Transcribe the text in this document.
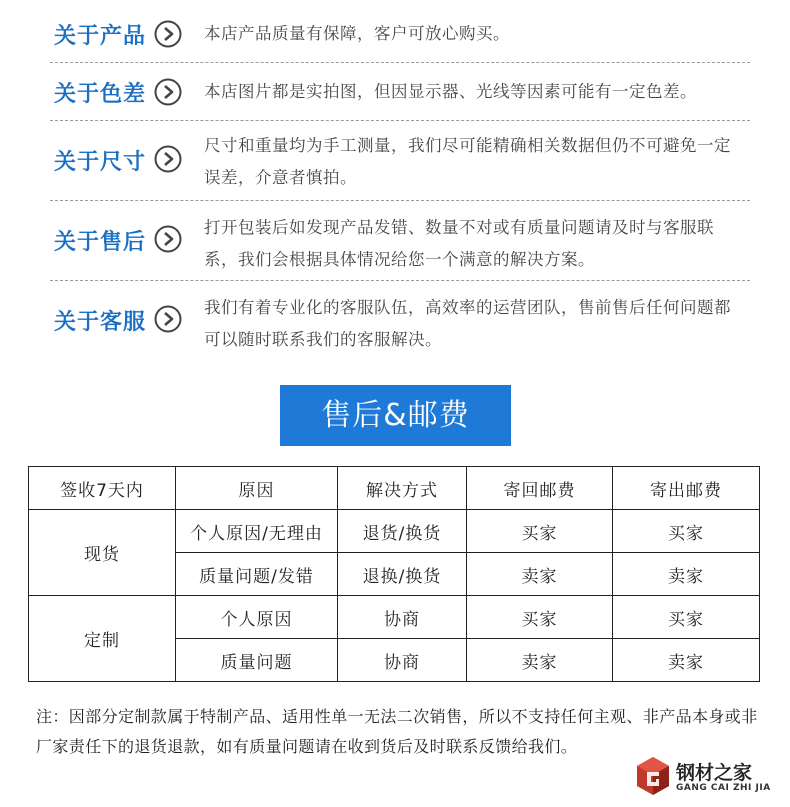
关于产品	本店产品质量有保障，客户可放心购买。
关于色差	本店图片都是实拍图，但因显示器、光线等因素可能有一定色差。
关于尺寸
尺寸和重量均为手工测量，我们尽可能精确相关数据但仍不可避免一定误差，介意者慎拍。
关于售后
打开包装后如发现产品发错、数量不对或有质量问题请及时与客服联系，我们会根据具体情况给您一个满意的解决方案。
关于客服
我们有着专业化的客服队伍，高效率的运营团队，售前售后任何问题都可以随时联系我们的客服解决。
售后&邮费
签收7天内	原因	解决方式	寄回邮费	寄出邮费
现货	个人原因/无理由	退货/换货	买家	买家
	质量问题/发错	退换/换货	卖家	卖家
定制	个人原因	协商	买家	买家
	质量问题	协商	卖家	卖家
注：因部分定制款属于特制产品、适用性单一无法二次销售，所以不支持任何主观、非产品本身或非厂家责任下的退货退款，如有质量问题请在收到货后及时联系反馈给我们。
钢材之家
GANG CAI ZHI JIA
